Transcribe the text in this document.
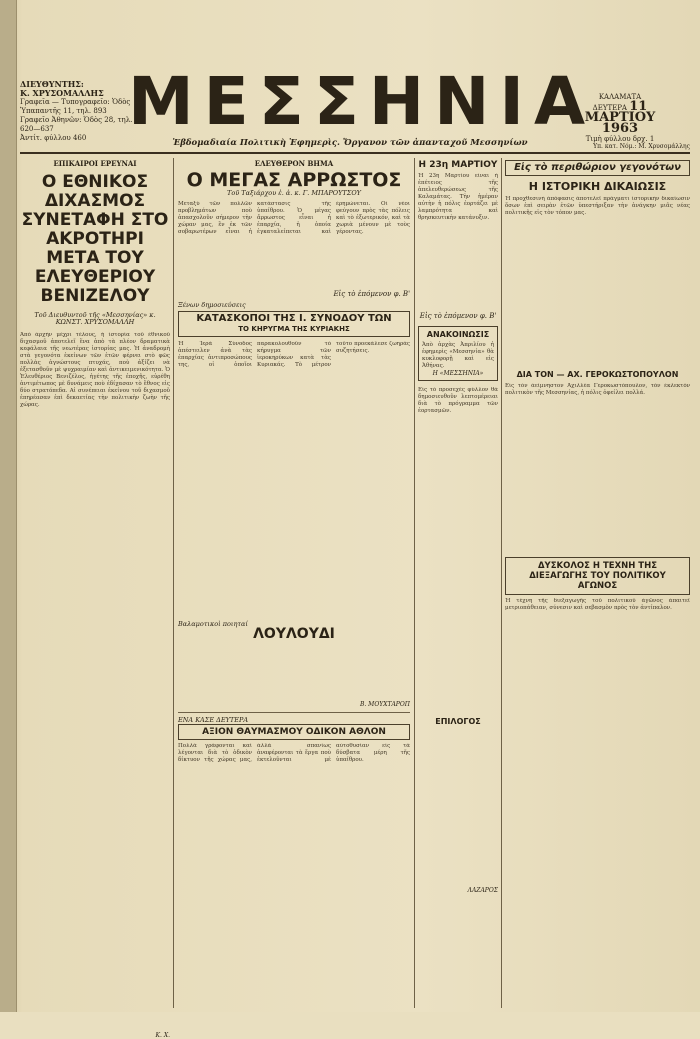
ΔΙΕΥΘΥΝΤΗΣ:
Κ. ΧΡΥΣΟΜΑΛΛΗΣ
Γραφεῖα — Τυπογραφεῖο: Ὁδὸς Ὑπαπαντῆς 11, τηλ. 893
Γραφεῖο Ἀθηνῶν: Ὁδὸς 28, τηλ. 620—637
Ἀντίτ. φύλλου 460 ΜΕΣΣΗΝΙΑ
Ἑβδομαδιαία Πολιτικὴ Ἐφημερὶς. Ὄργανον τῶν ἀπανταχοῦ Μεσσηνίων
ΚΑΛΑΜΑΤΑ
ΔΕΥΤΕΡΑ 11 ΜΑΡΤΙΟΥ
1963
Τιμὴ φύλλου δρχ. 1
Υπ. κατ. Νόμ.: Μ. Χρυσομάλλης
ΕΠΙΚΑΙΡΟΙ ΕΡΕΥΝΑΙ
Ο ΕΘΝΙΚΟΣ ΔΙΧΑΣΜΟΣ ΣΥΝΕΤΑΦΗ ΣΤΟ ΑΚΡΟΤΗΡΙ ΜΕΤΑ ΤΟΥ ΕΛΕΥΘΕΡΙΟΥ ΒΕΝΙΖΕΛΟΥ
Τοῦ Διευθυντοῦ τῆς «Μεσσηνίας» κ. ΚΩΝΣΤ. ΧΡΥΣΟΜΑΛΛΗ

Ἀπὸ ἀρχὴν μέχρι τέλους, ἡ ἱστορία τοῦ ἐθνικοῦ διχασμοῦ ἀποτελεῖ ἕνα ἀπὸ τὰ πλέον δραματικὰ κεφάλαια τῆς νεωτέρας ἱστορίας μας. Ἡ ἀναδρομὴ στὰ γεγονότα ἐκείνων τῶν ἐτῶν φέρνει στὸ φῶς πολλὰς ἀγνώστους πτυχάς, ποὺ ἀξίζει νὰ ἐξετασθοῦν μὲ ψυχραιμίαν καὶ ἀντικειμενικότητα. Ὁ Ἐλευθέριος Βενιζέλος, ἡγέτης τῆς ἐποχῆς, εὑρέθη ἀντιμέτωπος μὲ δυνάμεις ποὺ ἐδίχασαν τὸ ἔθνος εἰς δύο στρατόπεδα. Αἱ συνέπειαι ἐκείνου τοῦ διχασμοῦ ἐπηρέασαν ἐπὶ δεκαετίας τὴν πολιτικὴν ζωὴν τῆς χώρας.

Κ. Χ.
ΕΛΕΥΘΕΡΟΝ ΒΗΜΑ
Ο ΜΕΓΑΣ ΑΡΡΩΣΤΟΣ
Τοῦ Ταξιάρχου ἐ. ἀ. κ. Γ. ΜΠΑΡΟΥΤΣΟΥ
Μεταξὺ τῶν πολλῶν προβλημάτων ποὺ ἀπασχολοῦν σήμερον τὴν χώραν μας, ἓν ἐκ τῶν σοβαρωτέρων εἶναι ἡ κατάστασις τῆς ὑπαίθρου. Ὁ μέγας ἄρρωστος εἶναι ἡ ἐπαρχία, ἡ ὁποία ἐγκαταλείπεται καὶ ἐρημώνεται. Οἱ νέοι φεύγουν πρὸς τὰς πόλεις καὶ τὸ ἐξωτερικόν, καὶ τὰ χωριὰ μένουν μὲ τοὺς γέροντας.
Εἰς τὸ ἐπόμενον φ. Β'
Ξένων δημοσιεύσεις
ΚΑΤΑΣΚΟΠΟΙ ΤΗΣ Ι. ΣΥΝΟΔΟΥ ΤΩΝ
ΤΟ ΚΗΡΥΓΜΑ ΤΗΣ ΚΥΡΙΑΚΗΣ
Ἡ Ἱερὰ Σύνοδος ἀπέστειλεν ἀνὰ τὰς ἐπαρχίας ἀντιπροσώπους της, οἱ ὁποῖοι παρακολουθοῦν τὸ κήρυγμα τῶν ἱεροκηρύκων κατὰ τὰς Κυριακάς. Τὸ μέτρον τοῦτο προεκάλεσε ζωηρὰς συζητήσεις.
Βαλαμοτικοὶ ποιηταί
ΛΟΥΛΟΥΔΙ
Β. ΜΟΥΧΤΑΡΟΠ
ΕΝΑ ΚΑΣΕ ΔΕΥΤΕΡΑ
ΑΞΙΟΝ ΘΑΥΜΑΣΜΟΥ ΟΔΙΚΟΝ ΑΘΛΟΝ
Πολλὰ γράφονται καὶ λέγονται διὰ τὸ ὁδικὸν δίκτυον τῆς χώρας μας, ἀλλὰ σπανίως ἀναφέρονται τὰ ἔργα ποὺ ἐκτελοῦνται μὲ αὐτοθυσίαν εἰς τὰ δύσβατα μέρη τῆς ὑπαίθρου.
Η 23η ΜΑΡΤΙΟΥ
Ἡ 23η Μαρτίου εἶναι ἡ ἐπέτειος τῆς ἀπελευθερώσεως τῆς Καλαμάτας. Τὴν ἡμέραν αὐτὴν ἡ πόλις ἑορτάζει μὲ λαμπρότητα καὶ θρησκευτικὴν κατάνυξιν.
Εἰς τὸ ἐπόμενον φ. Β'
ΑΝΑΚΟΙΝΩΣΙΣ
Ἀπὸ ἀρχὰς Ἀπριλίου ἡ ἐφημερὶς «Μεσσηνία» θὰ κυκλοφορῇ καὶ εἰς Ἀθήνας.
Η «ΜΕΣΣΗΝΙΑ»
Εἰς τὸ προσεχὲς φύλλον θὰ δημοσιευθοῦν λεπτομέρειαι διὰ τὸ πρόγραμμα τῶν ἑορτασμῶν.
ΕΠΙΛΟΓΟΣ
ΛΑΖΑΡΟΣ
Εἰς τὸ περιθώριον γεγονότων
Η ΙΣΤΟΡΙΚΗ ΔΙΚΑΙΩΣΙΣ
Ἡ προχθεσινὴ ἀπόφασις ἀποτελεῖ πράγματι ἱστορικὴν δικαίωσιν ὅσων ἐπὶ σειρὰν ἐτῶν ὑπεστήριξαν τὴν ἀνάγκην μιᾶς νέας πολιτικῆς εἰς τὸν τόπον μας.
ΔΙΑ ΤΟΝ — ΑΧ. ΓΕΡΟΚΩΣΤΟΠΟΥΛΟΝ
Εἰς τὸν ἀείμνηστον Ἀχιλλέα Γεροκωστόπουλον, τὸν ἐκλεκτὸν πολιτικὸν τῆς Μεσσηνίας, ἡ πόλις ὀφείλει πολλά.
ΔΥΣΚΟΛΟΣ Η ΤΕΧΝΗ ΤΗΣ ΔΙΕΞΑΓΩΓΗΣ ΤΟΥ ΠΟΛΙΤΙΚΟΥ ΑΓΩΝΟΣ
Ἡ τέχνη τῆς διεξαγωγῆς τοῦ πολιτικοῦ ἀγῶνος ἀπαιτεῖ μετριοπάθειαν, σύνεσιν καὶ σεβασμὸν πρὸς τὸν ἀντίπαλον.
